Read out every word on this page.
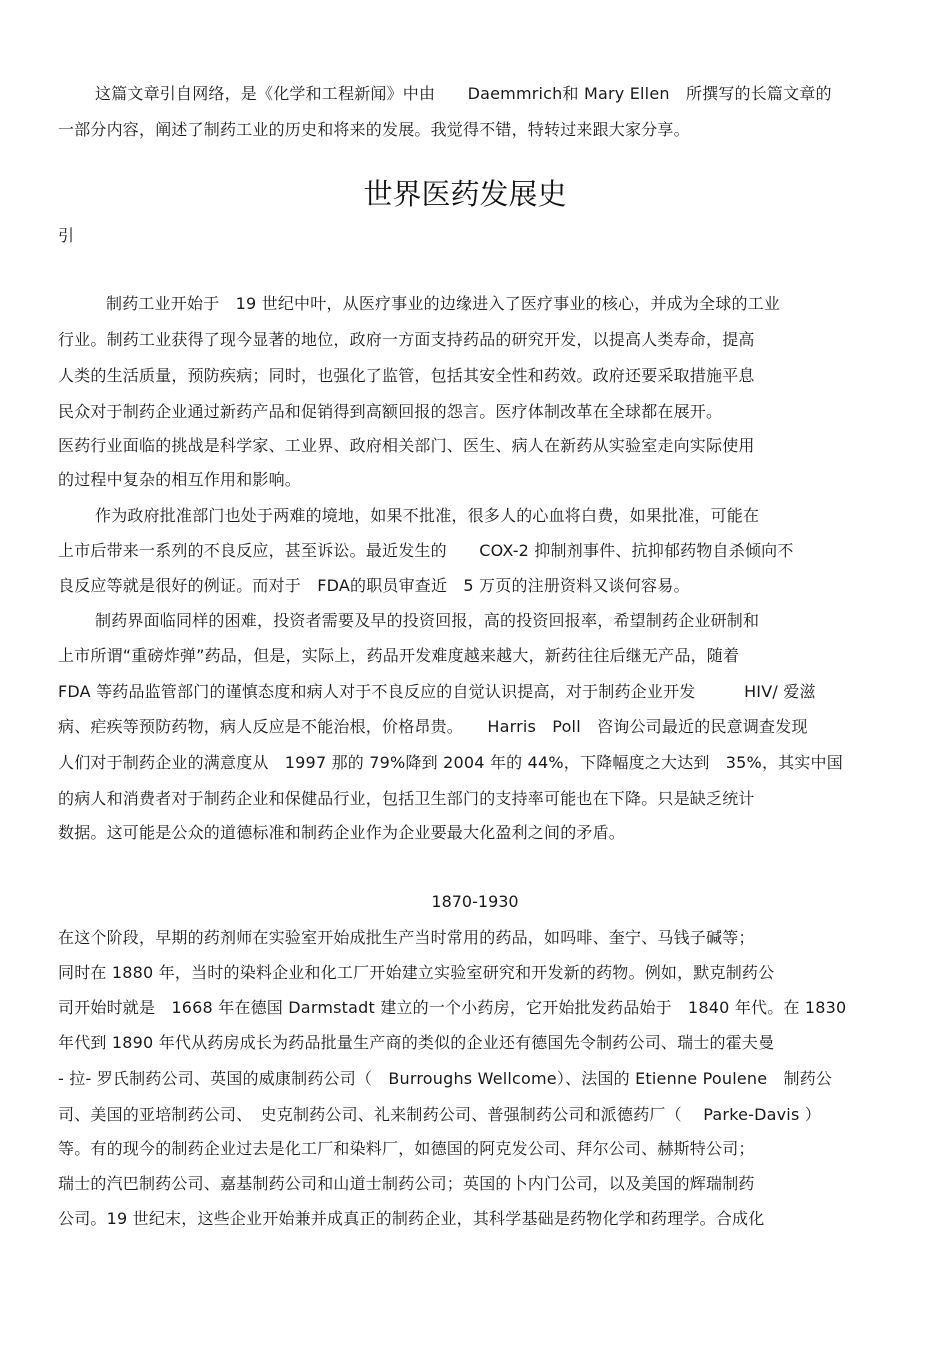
这篇文章引自网络，是《化学和工程新闻》中由　　Daemmrich和 Mary Ellen　所撰写的长篇文章的
一部分内容，阐述了制药工业的历史和将来的发展。我觉得不错，特转过来跟大家分享。
世界医药发展史
引
制药工业开始于　19 世纪中叶，从医疗事业的边缘进入了医疗事业的核心，并成为全球的工业
行业。制药工业获得了现今显著的地位，政府一方面支持药品的研究开发，以提高人类寿命，提高
人类的生活质量，预防疾病；同时，也强化了监管，包括其安全性和药效。政府还要采取措施平息
民众对于制药企业通过新药产品和促销得到高额回报的怨言。医疗体制改革在全球都在展开。
医药行业面临的挑战是科学家、工业界、政府相关部门、医生、病人在新药从实验室走向实际使用
的过程中复杂的相互作用和影响。
作为政府批准部门也处于两难的境地，如果不批准，很多人的心血将白费，如果批准，可能在
上市后带来一系列的不良反应，甚至诉讼。最近发生的　　COX-2 抑制剂事件、抗抑郁药物自杀倾向不
良反应等就是很好的例证。而对于　FDA的职员审查近　5 万页的注册资料又谈何容易。
制药界面临同样的困难，投资者需要及早的投资回报，高的投资回报率，希望制药企业研制和
上市所谓“重磅炸弹”药品，但是，实际上，药品开发难度越来越大，新药往往后继无产品，随着
FDA 等药品监管部门的谨慎态度和病人对于不良反应的自觉认识提高，对于制药企业开发　　　HIV/ 爱滋
病、疟疾等预防药物，病人反应是不能治根，价格昂贵。　　Harris　Poll　咨询公司最近的民意调查发现
人们对于制药企业的满意度从　1997 那的 79%降到 2004 年的 44%，下降幅度之大达到　35%，其实中国
的病人和消费者对于制药企业和保健品行业，包括卫生部门的支持率可能也在下降。只是缺乏统计
数据。这可能是公众的道德标准和制药企业作为企业要最大化盈利之间的矛盾。
1870-1930
在这个阶段，早期的药剂师在实验室开始成批生产当时常用的药品，如吗啡、奎宁、马钱子碱等；
同时在 1880 年，当时的染料企业和化工厂开始建立实验室研究和开发新的药物。例如，默克制药公
司开始时就是　1668 年在德国 Darmstadt 建立的一个小药房，它开始批发药品始于　1840 年代。在 1830
年代到 1890 年代从药房成长为药品批量生产商的类似的企业还有德国先令制药公司、瑞士的霍夫曼
- 拉- 罗氏制药公司、英国的威康制药公司（　Burroughs Wellcome）、法国的 Etienne Poulene　制药公
司、美国的亚培制药公司、　史克制药公司、礼来制药公司、普强制药公司和派德药厂（　 Parke-Davis ）
等。有的现今的制药企业过去是化工厂和染料厂，如德国的阿克发公司、拜尔公司、赫斯特公司；
瑞士的汽巴制药公司、嘉基制药公司和山道士制药公司；英国的卜内门公司，以及美国的辉瑞制药
公司。19 世纪末，这些企业开始兼并成真正的制药企业，其科学基础是药物化学和药理学。合成化
